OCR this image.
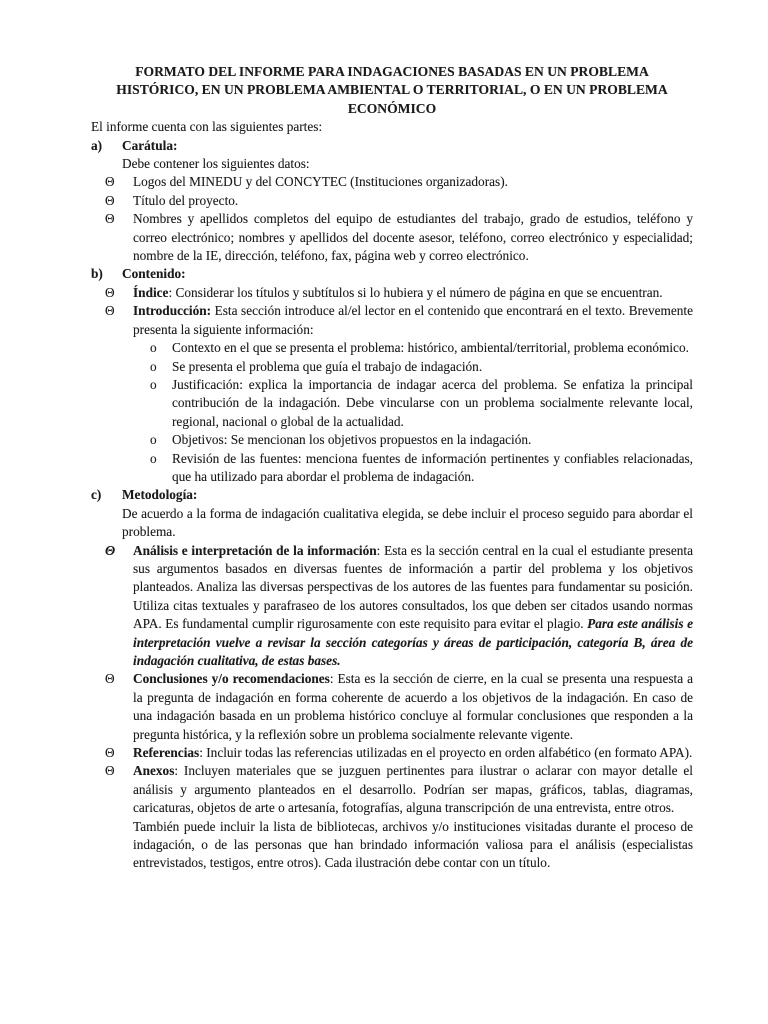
FORMATO DEL INFORME PARA INDAGACIONES BASADAS EN UN PROBLEMA
HISTÓRICO, EN UN PROBLEMA AMBIENTAL O TERRITORIAL, O EN UN PROBLEMA
ECONÓMICO
El informe cuenta con las siguientes partes:
a) Carátula:
Debe contener los siguientes datos:
Θ Logos del MINEDU y del CONCYTEC (Instituciones organizadoras).
Θ Título del proyecto.
Θ Nombres y apellidos completos del equipo de estudiantes del trabajo, grado de estudios, teléfono y correo electrónico; nombres y apellidos del docente asesor, teléfono, correo electrónico y especialidad; nombre de la IE, dirección, teléfono, fax, página web y correo electrónico.
b) Contenido:
Θ Índice: Considerar los títulos y subtítulos si lo hubiera y el número de página en que se encuentran.
Θ Introducción: Esta sección introduce al/el lector en el contenido que encontrará en el texto. Brevemente presenta la siguiente información:
o Contexto en el que se presenta el problema: histórico, ambiental/territorial, problema económico.
o Se presenta el problema que guía el trabajo de indagación.
o Justificación: explica la importancia de indagar acerca del problema. Se enfatiza la principal contribución de la indagación. Debe vincularse con un problema socialmente relevante local, regional, nacional o global de la actualidad.
o Objetivos: Se mencionan los objetivos propuestos en la indagación.
o Revisión de las fuentes: menciona fuentes de información pertinentes y confiables relacionadas, que ha utilizado para abordar el problema de indagación.
c) Metodología:
De acuerdo a la forma de indagación cualitativa elegida, se debe incluir el proceso seguido para abordar el problema.
Θ Análisis e interpretación de la información: Esta es la sección central en la cual el estudiante presenta sus argumentos basados en diversas fuentes de información a partir del problema y los objetivos planteados. Analiza las diversas perspectivas de los autores de las fuentes para fundamentar su posición. Utiliza citas textuales y parafraseo de los autores consultados, los que deben ser citados usando normas APA. Es fundamental cumplir rigurosamente con este requisito para evitar el plagio. Para este análisis e interpretación vuelve a revisar la sección categorías y áreas de participación, categoría B, área de indagación cualitativa, de estas bases.
Θ Conclusiones y/o recomendaciones: Esta es la sección de cierre, en la cual se presenta una respuesta a la pregunta de indagación en forma coherente de acuerdo a los objetivos de la indagación. En caso de una indagación basada en un problema histórico concluye al formular conclusiones que responden a la pregunta histórica, y la reflexión sobre un problema socialmente relevante vigente.
Θ Referencias: Incluir todas las referencias utilizadas en el proyecto en orden alfabético (en formato APA).
Θ Anexos: Incluyen materiales que se juzguen pertinentes para ilustrar o aclarar con mayor detalle el análisis y argumento planteados en el desarrollo. Podrían ser mapas, gráficos, tablas, diagramas, caricaturas, objetos de arte o artesanía, fotografías, alguna transcripción de una entrevista, entre otros.
También puede incluir la lista de bibliotecas, archivos y/o instituciones visitadas durante el proceso de indagación, o de las personas que han brindado información valiosa para el análisis (especialistas entrevistados, testigos, entre otros). Cada ilustración debe contar con un título.
